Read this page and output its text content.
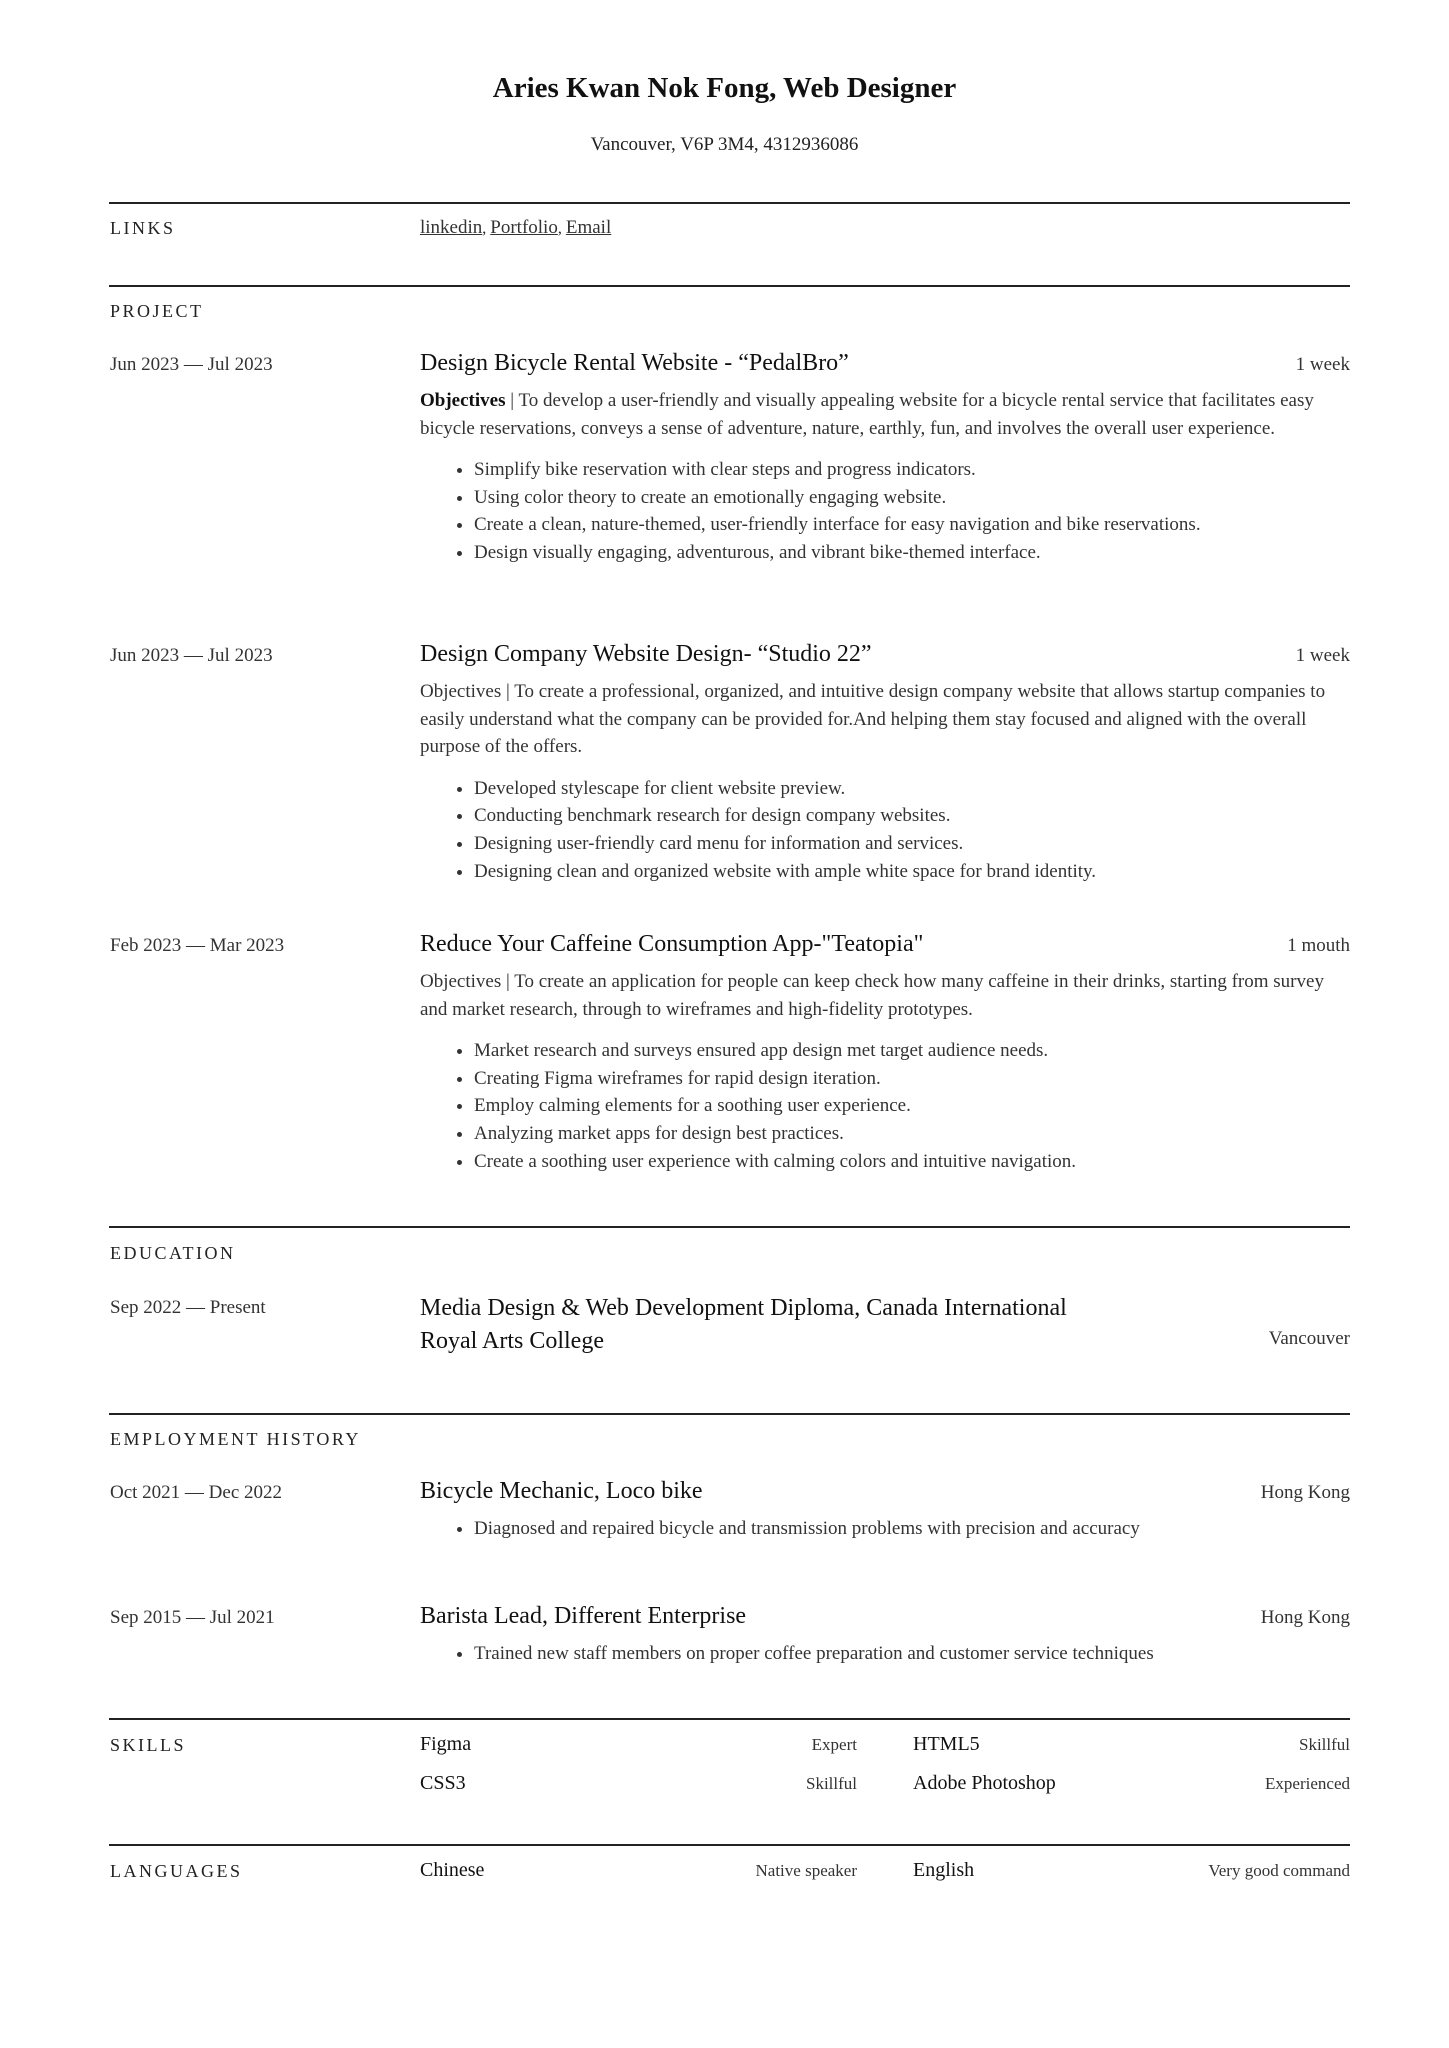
Aries Kwan Nok Fong, Web Designer
Vancouver, V6P 3M4, 4312936086
LINKS	linkedin, Portfolio, Email
PROJECT
Jun 2023 — Jul 2023	Design Bicycle Rental Website - “PedalBro”	1 week
Objectives | To develop a user-friendly and visually appealing website for a bicycle rental service that facilitates easy bicycle reservations, conveys a sense of adventure, nature, earthly, fun, and involves the overall user experience.
• Simplify bike reservation with clear steps and progress indicators.
• Using color theory to create an emotionally engaging website.
• Create a clean, nature-themed, user-friendly interface for easy navigation and bike reservations.
• Design visually engaging, adventurous, and vibrant bike-themed interface.
Jun 2023 — Jul 2023	Design Company Website Design- “Studio 22”	1 week
Objectives | To create a professional, organized, and intuitive design company website that allows startup companies to easily understand what the company can be provided for.And helping them stay focused and aligned with the overall purpose of the offers.
• Developed stylescape for client website preview.
• Conducting benchmark research for design company websites.
• Designing user-friendly card menu for information and services.
• Designing clean and organized website with ample white space for brand identity.
Feb 2023 — Mar 2023	Reduce Your Caffeine Consumption App-"Teatopia"	1 mouth
Objectives | To create an application for people can keep check how many caffeine in their drinks, starting from survey and market research, through to wireframes and high-fidelity prototypes.
• Market research and surveys ensured app design met target audience needs.
• Creating Figma wireframes for rapid design iteration.
• Employ calming elements for a soothing user experience.
• Analyzing market apps for design best practices.
• Create a soothing user experience with calming colors and intuitive navigation.
EDUCATION
Sep 2022 — Present	Media Design & Web Development Diploma, Canada International
Royal Arts College	Vancouver
EMPLOYMENT HISTORY
Oct 2021 — Dec 2022	Bicycle Mechanic, Loco bike	Hong Kong
• Diagnosed and repaired bicycle and transmission problems with precision and accuracy
Sep 2015 — Jul 2021	Barista Lead, Different Enterprise	Hong Kong
• Trained new staff members on proper coffee preparation and customer service techniques
SKILLS	Figma	Expert	HTML5	Skillful
CSS3	Skillful	Adobe Photoshop	Experienced
LANGUAGES	Chinese	Native speaker	English	Very good command
